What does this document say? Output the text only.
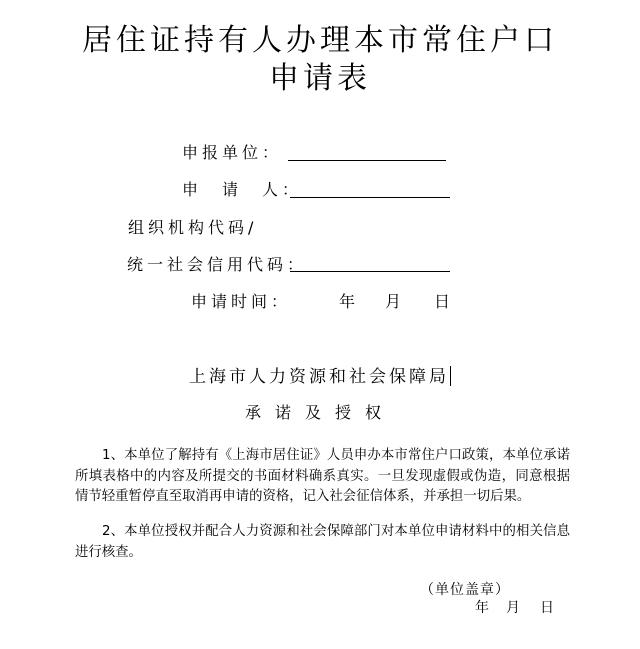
居住证持有人办理本市常住户口
申请表
申报单位：
申　请　人：
组织机构代码/
统一社会信用代码：
申请时间：	年 月 日
上海市人力资源和社会保障局
承诺及授权
1、本单位了解持有《上海市居住证》人员申办本市常住户口政策，本单位承诺所填表格中的内容及所提交的书面材料确系真实。一旦发现虚假或伪造，同意根据情节轻重暂停直至取消再申请的资格，记入社会征信体系，并承担一切后果。
2、本单位授权并配合人力资源和社会保障部门对本单位申请材料中的相关信息进行核查。
（单位盖章）
年 月 日
